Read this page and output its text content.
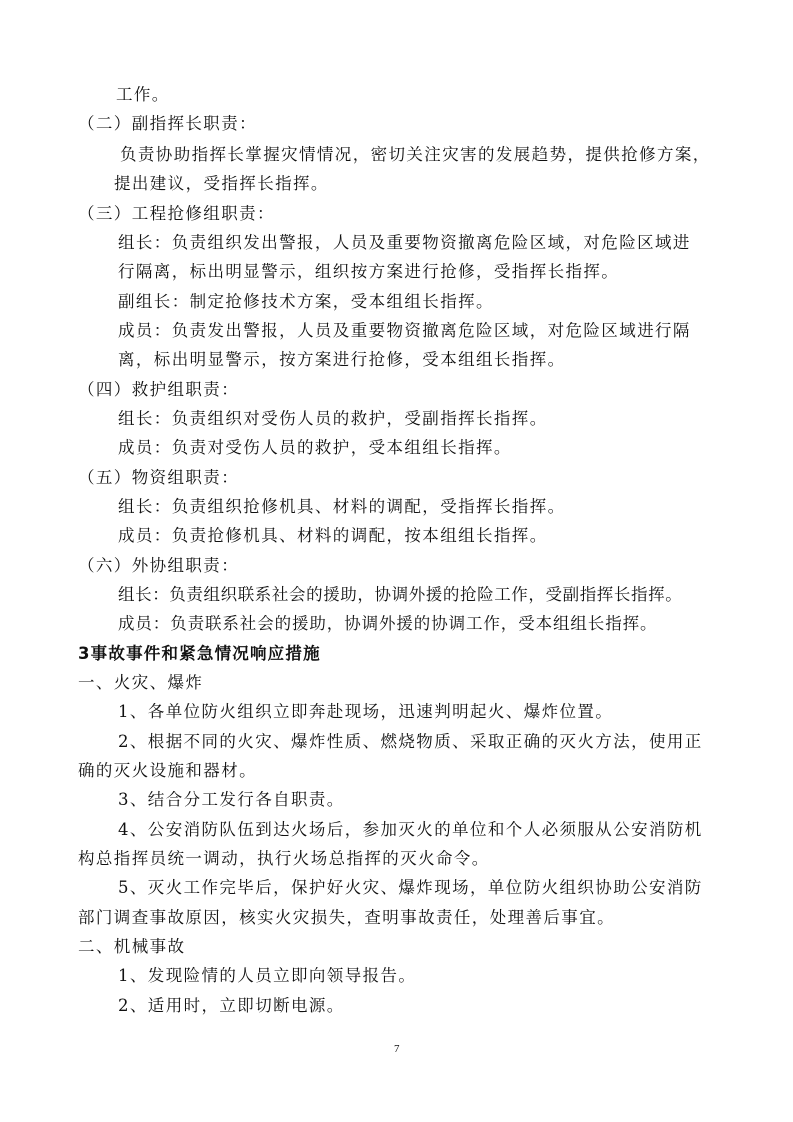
工作。
（二）副指挥长职责：
负责协助指挥长掌握灾情情况，密切关注灾害的发展趋势，提供抢修方案，
提出建议，受指挥长指挥。
（三）工程抢修组职责：
组长：负责组织发出警报，人员及重要物资撤离危险区域，对危险区域进
行隔离，标出明显警示，组织按方案进行抢修，受指挥长指挥。
副组长：制定抢修技术方案，受本组组长指挥。
成员：负责发出警报，人员及重要物资撤离危险区域，对危险区域进行隔
离，标出明显警示，按方案进行抢修，受本组组长指挥。
（四）救护组职责：
组长：负责组织对受伤人员的救护，受副指挥长指挥。
成员：负责对受伤人员的救护，受本组组长指挥。
（五）物资组职责：
组长：负责组织抢修机具、材料的调配，受指挥长指挥。
成员：负责抢修机具、材料的调配，按本组组长指挥。
（六）外协组职责：
组长：负责组织联系社会的援助，协调外援的抢险工作，受副指挥长指挥。
成员：负责联系社会的援助，协调外援的协调工作，受本组组长指挥。
3事故事件和紧急情况响应措施
一、火灾、爆炸
1、各单位防火组织立即奔赴现场，迅速判明起火、爆炸位置。
2、根据不同的火灾、爆炸性质、燃烧物质、采取正确的灭火方法，使用正
确的灭火设施和器材。
3、结合分工发行各自职责。
4、公安消防队伍到达火场后，参加灭火的单位和个人必须服从公安消防机
构总指挥员统一调动，执行火场总指挥的灭火命令。
5、灭火工作完毕后，保护好火灾、爆炸现场，单位防火组织协助公安消防
部门调查事故原因，核实火灾损失，查明事故责任，处理善后事宜。
二、机械事故
1、发现险情的人员立即向领导报告。
2、适用时，立即切断电源。
7
